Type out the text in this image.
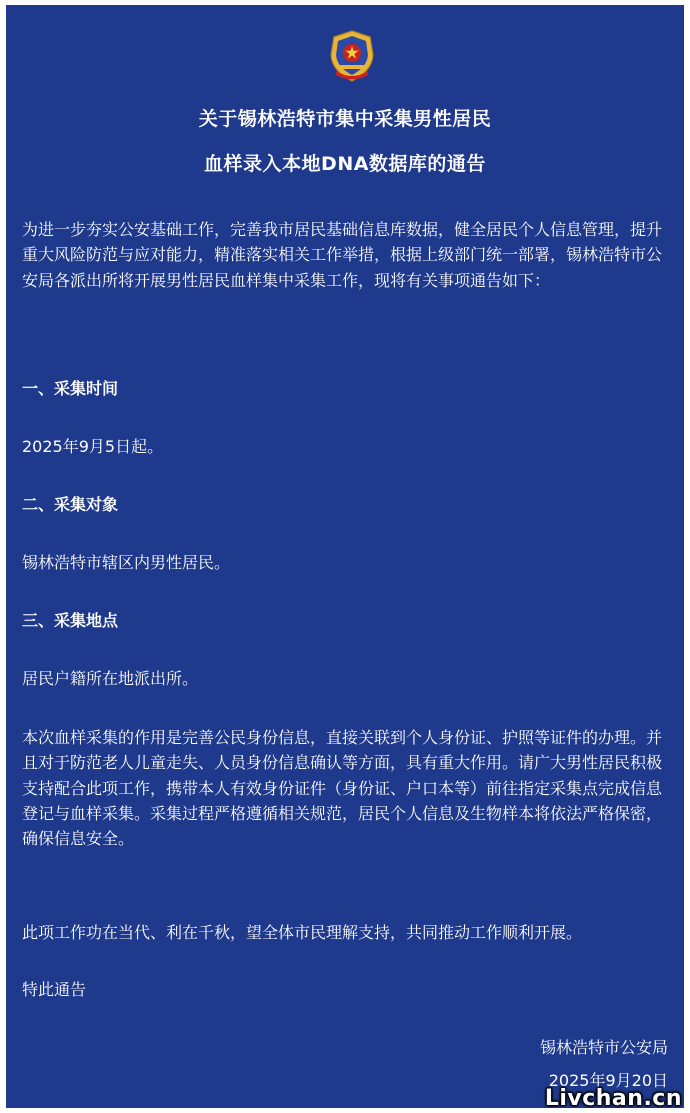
关于锡林浩特市集中采集男性居民
血样录入本地DNA数据库的通告

为进一步夯实公安基础工作，完善我市居民基础信息库数据，健全居民个人信息管理，提升重大风险防范与应对能力，精准落实相关工作举措，根据上级部门统一部署，锡林浩特市公安局各派出所将开展男性居民血样集中采集工作，现将有关事项通告如下：

一、采集时间

2025年9月5日起。

二、采集对象

锡林浩特市辖区内男性居民。

三、采集地点

居民户籍所在地派出所。

本次血样采集的作用是完善公民身份信息，直接关联到个人身份证、护照等证件的办理。并且对于防范老人儿童走失、人员身份信息确认等方面，具有重大作用。请广大男性居民积极支持配合此项工作，携带本人有效身份证件（身份证、户口本等）前往指定采集点完成信息登记与血样采集。采集过程严格遵循相关规范，居民个人信息及生物样本将依法严格保密，确保信息安全。

此项工作功在当代、利在千秋，望全体市民理解支持，共同推动工作顺利开展。

特此通告

锡林浩特市公安局

2025年9月20日

Livchan.cn
